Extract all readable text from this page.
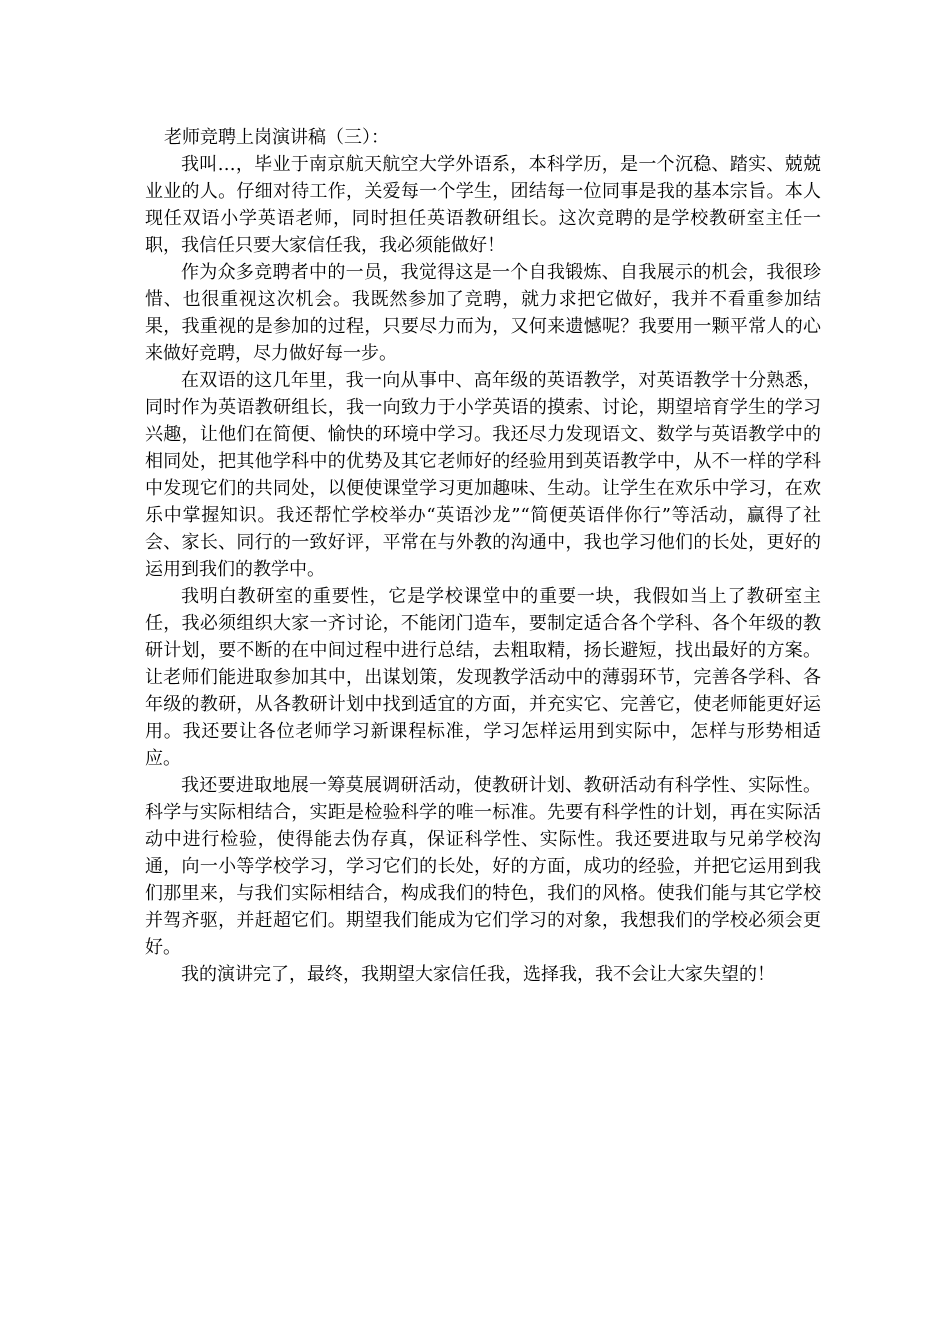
老师竞聘上岗演讲稿（三）：

我叫…，毕业于南京航天航空大学外语系，本科学历，是一个沉稳、踏实、兢兢业业的人。仔细对待工作，关爱每一个学生，团结每一位同事是我的基本宗旨。本人现任双语小学英语老师，同时担任英语教研组长。这次竞聘的是学校教研室主任一职，我信任只要大家信任我，我必须能做好！

作为众多竞聘者中的一员，我觉得这是一个自我锻炼、自我展示的机会，我很珍惜、也很重视这次机会。我既然参加了竞聘，就力求把它做好，我并不看重参加结果，我重视的是参加的过程，只要尽力而为，又何来遗憾呢？我要用一颗平常人的心来做好竞聘，尽力做好每一步。

在双语的这几年里，我一向从事中、高年级的英语教学，对英语教学十分熟悉，同时作为英语教研组长，我一向致力于小学英语的摸索、讨论，期望培育学生的学习兴趣，让他们在简便、愉快的环境中学习。我还尽力发现语文、数学与英语教学中的相同处，把其他学科中的优势及其它老师好的经验用到英语教学中，从不一样的学科中发现它们的共同处，以便使课堂学习更加趣味、生动。让学生在欢乐中学习，在欢乐中掌握知识。我还帮忙学校举办“英语沙龙”“简便英语伴你行”等活动，赢得了社会、家长、同行的一致好评，平常在与外教的沟通中，我也学习他们的长处，更好的运用到我们的教学中。

我明白教研室的重要性，它是学校课堂中的重要一块，我假如当上了教研室主任，我必须组织大家一齐讨论，不能闭门造车，要制定适合各个学科、各个年级的教研计划，要不断的在中间过程中进行总结，去粗取精，扬长避短，找出最好的方案。让老师们能进取参加其中，出谋划策，发现教学活动中的薄弱环节，完善各学科、各年级的教研，从各教研计划中找到适宜的方面，并充实它、完善它，使老师能更好运用。我还要让各位老师学习新课程标准，学习怎样运用到实际中，怎样与形势相适应。

我还要进取地展一筹莫展调研活动，使教研计划、教研活动有科学性、实际性。科学与实际相结合，实距是检验科学的唯一标准。先要有科学性的计划，再在实际活动中进行检验，使得能去伪存真，保证科学性、实际性。我还要进取与兄弟学校沟通，向一小等学校学习，学习它们的长处，好的方面，成功的经验，并把它运用到我们那里来，与我们实际相结合，构成我们的特色，我们的风格。使我们能与其它学校并驾齐驱，并赶超它们。期望我们能成为它们学习的对象，我想我们的学校必须会更好。

我的演讲完了，最终，我期望大家信任我，选择我，我不会让大家失望的！
